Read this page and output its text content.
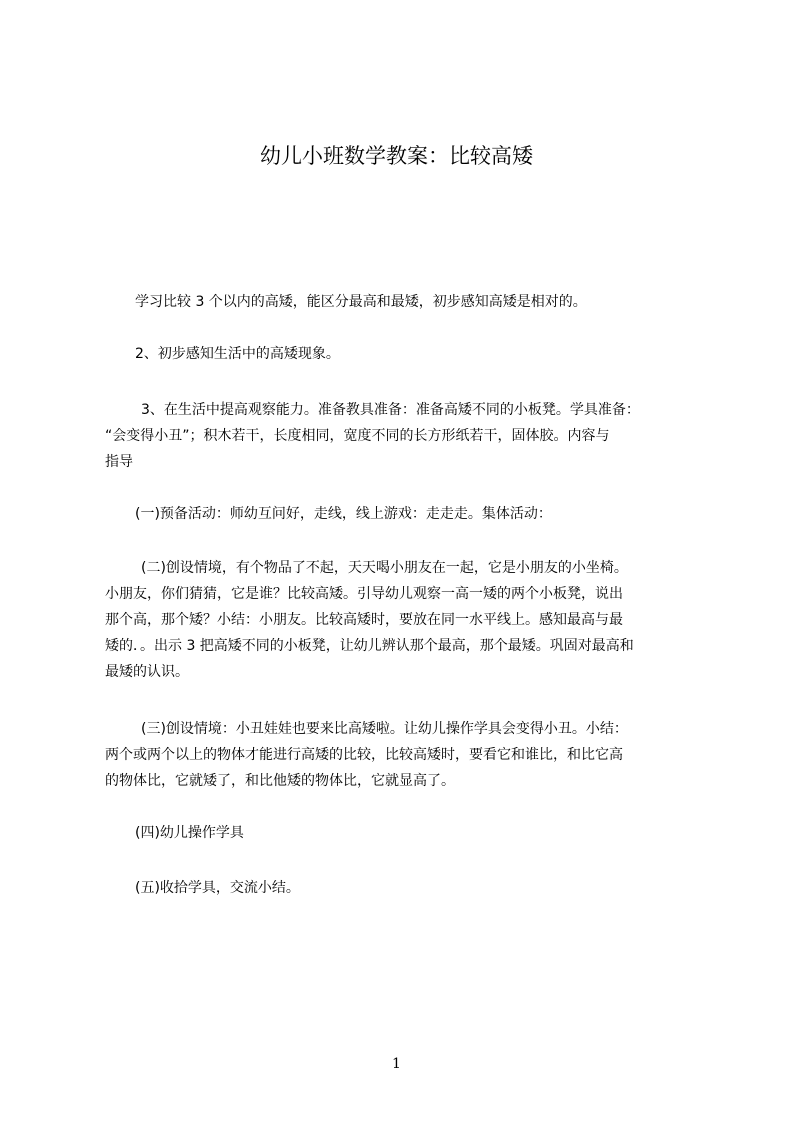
幼儿小班数学教案：比较高矮
学习比较 3 个以内的高矮，能区分最高和最矮，初步感知高矮是相对的。
2、初步感知生活中的高矮现象。
3、在生活中提高观察能力。准备教具准备：准备高矮不同的小板凳。学具准备：
“会变得小丑”；积木若干，长度相同，宽度不同的长方形纸若干，固体胶。内容与
指导
(一)预备活动：师幼互问好，走线，线上游戏：走走走。集体活动：
(二)创设情境，有个物品了不起，天天喝小朋友在一起，它是小朋友的小坐椅。
小朋友，你们猜猜，它是谁？比较高矮。引导幼儿观察一高一矮的两个小板凳，说出
那个高，那个矮？小结：小朋友。比较高矮时，要放在同一水平线上。感知最高与最
矮的．。出示 3 把高矮不同的小板凳，让幼儿辨认那个最高，那个最矮。巩固对最高和
最矮的认识。
(三)创设情境：小丑娃娃也要来比高矮啦。让幼儿操作学具会变得小丑。小结：
两个或两个以上的物体才能进行高矮的比较，比较高矮时，要看它和谁比，和比它高
的物体比，它就矮了，和比他矮的物体比，它就显高了。
(四)幼儿操作学具
(五)收拾学具，交流小结。
1
